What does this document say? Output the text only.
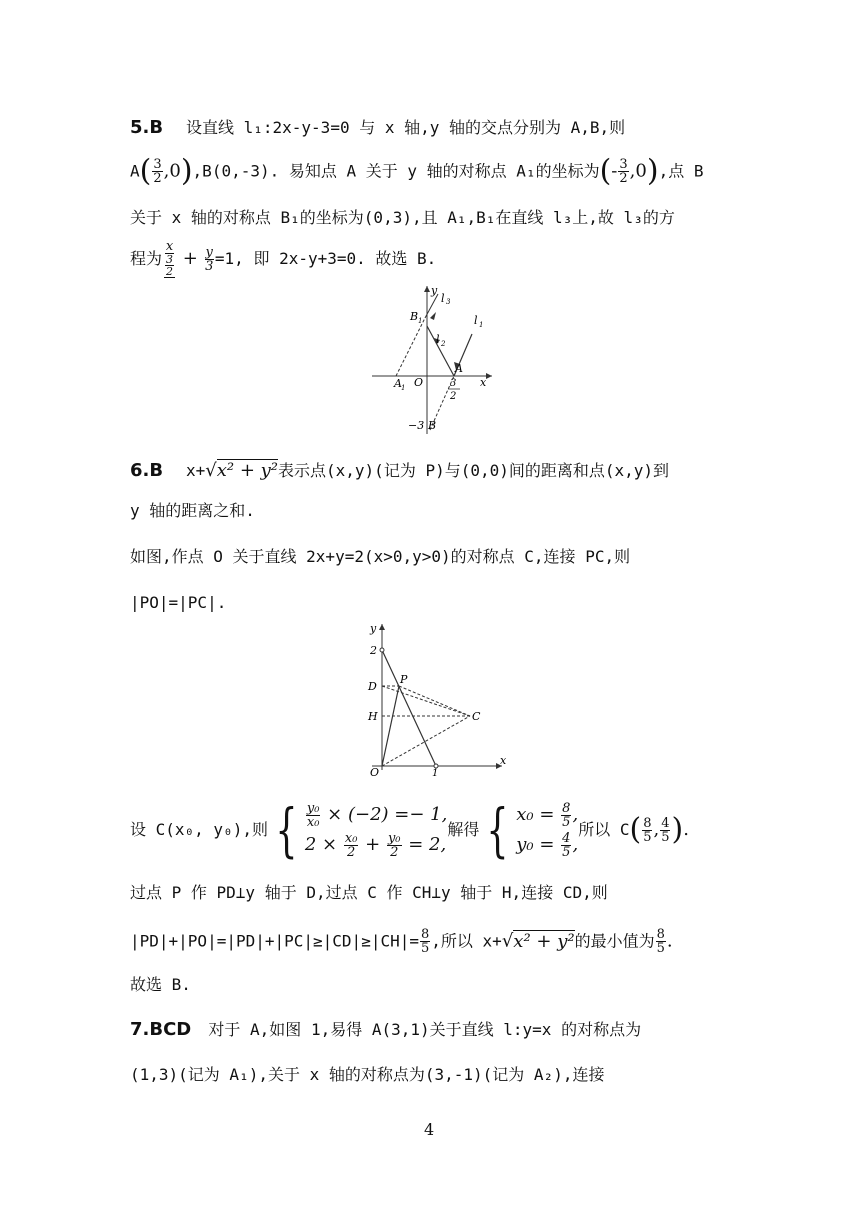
5.B 设直线 l₁:2x-y-3=0 与 x 轴,y 轴的交点分别为 A,B,则
$A( \frac{3}{2} ,0),B(0,-3)$. 易知点 A 关于 y 轴的对称点 A₁的坐标为(- $\frac{3}{2} ,0$),点 B
关于 x 轴的对称点 B₁的坐标为(0,3),且 A₁,B₁在直线 l₃上,故 l₃的方
程为 $\frac{x}{\frac{3}{2}} + \frac{y}{3} =1$, 即 2x-y+3=0. 故选 B.
y
x
l 3
l 1
l 2
B 1
A 1 O
A
3
2
−3 B
6.B x+√x² + y²表示点(x,y)(记为 P)与(0,0)间的距离和点(x,y)到
y 轴的距离之和.
如图,作点 O 关于直线 2x+y=2(x>0,y>0)的对称点 C,连接 PC,则
|PO|=|PC|.
y
x
2
D
P
H	C
O	1
设 C(x₀, y₀),则 { $\frac{\text{y₀}}{\text{x₀}} \times (-2) =- 1$,
$2 \times \frac{\text{x₀}}{2} + \frac{\text{y₀}}{2} = 2$,
解得 { $x_0 = \frac{8}{5}$ ,
$y_0 = \frac{4}{5}$ ,
所以 $C( \frac{8}{5}$ , $\frac{4}{5}$ ).
过点 P 作 PD⊥y 轴于 D,过点 C 作 CH⊥y 轴于 H,连接 CD,则
$|PD|+|PO|=|PD|+|PC|\ge|CD|\ge|CH|= \frac{8}{5}$ ,所以 x+√x² + y²的最小值为 $\frac{8}{5}$ .
故选 B.
7.BCD 对于 A,如图 1,易得 A(3,1)关于直线 l:y=x 的对称点为
(1,3)(记为 A₁),关于 x 轴的对称点为(3,-1)(记为 A₂),连接
4
